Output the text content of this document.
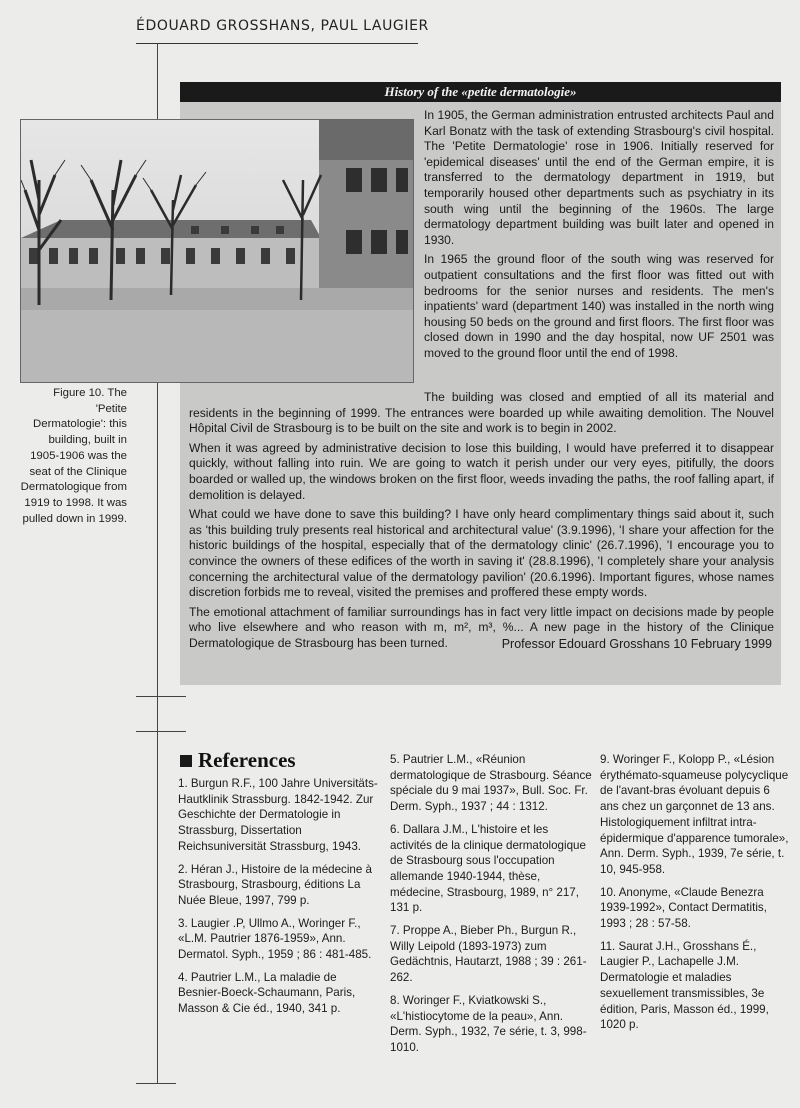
ÉDOUARD GROSSHANS, PAUL LAUGIER
History of the «petite dermatologie»
Figure 10. The 'Petite Dermatologie': this building, built in 1905-1906 was the seat of the Clinique Dermatologique from 1919 to 1998. It was pulled down in 1999.

In 1905, the German administration entrusted architects Paul and Karl Bonatz with the task of extending Strasbourg's civil hospital. The 'Petite Dermatologie' rose in 1906. Initially reserved for 'epidemical diseases' until the end of the German empire, it is transferred to the dermatology department in 1919, but temporarily housed other departments such as psychiatry in its south wing until the beginning of the 1960s. The large dermatology department building was built later and opened in 1930.

In 1965 the ground floor of the south wing was reserved for outpatient consultations and the first floor was fitted out with bedrooms for the senior nurses and residents. The men's inpatients' ward (department 140) was installed in the north wing housing 50 beds on the ground and first floors. The first floor was closed down in 1990 and the day hospital, now UF 2501 was moved to the ground floor until the end of 1998.

The building was closed and emptied of all its material and residents in the beginning of 1999. The entrances were boarded up while awaiting demolition. The Nouvel Hôpital Civil de Strasbourg is to be built on the site and work is to begin in 2002.

When it was agreed by administrative decision to lose this building, I would have preferred it to disappear quickly, without falling into ruin. We are going to watch it perish under our very eyes, pitifully, the doors boarded or walled up, the windows broken on the first floor, weeds invading the paths, the roof falling apart, if demolition is delayed.

What could we have done to save this building? I have only heard complimentary things said about it, such as 'this building truly presents real historical and architectural value' (3.9.1996), 'I share your affection for the historic buildings of the hospital, especially that of the dermatology clinic' (26.7.1996), 'I encourage you to convince the owners of these edifices of the worth in saving it' (28.8.1996), 'I completely share your analysis concerning the architectural value of the dermatology pavilion' (20.6.1996). Important figures, whose names discretion forbids me to reveal, visited the premises and proffered these empty words.

The emotional attachment of familiar surroundings has in fact very little impact on decisions made by people who live elsewhere and who reason with m, m², m³, %... A new page in the history of the Clinique Dermatologique de Strasbourg has been turned.	Professor Edouard Grosshans 10 February 1999
References

1. Burgun R.F., 100 Jahre Universitäts-Hautklinik Strassburg. 1842-1942. Zur Geschichte der Dermatologie in Strassburg, Dissertation Reichsuniversität Strassburg, 1943.

2. Héran J., Histoire de la médecine à Strasbourg, Strasbourg, éditions La Nuée Bleue, 1997, 799 p.

3. Laugier .P, Ullmo A., Woringer F., «L.M. Pautrier 1876-1959», Ann. Dermatol. Syph., 1959 ; 86 : 481-485.

4. Pautrier L.M., La maladie de Besnier-Boeck-Schaumann, Paris, Masson & Cie éd., 1940, 341 p.

5. Pautrier L.M., «Réunion dermatologique de Strasbourg. Séance spéciale du 9 mai 1937», Bull. Soc. Fr. Derm. Syph., 1937 ; 44 : 1312.

6. Dallara J.M., L'histoire et les activités de la clinique dermatologique de Strasbourg sous l'occupation allemande 1940-1944, thèse, médecine, Strasbourg, 1989, n° 217, 131 p.

7. Proppe A., Bieber Ph., Burgun R., Willy Leipold (1893-1973) zum Gedächtnis, Hautarzt, 1988 ; 39 : 261-262.

8. Woringer F., Kviatkowski S., «L'histiocytome de la peau», Ann. Derm. Syph., 1932, 7e série, t. 3, 998-1010.

9. Woringer F., Kolopp P., «Lésion érythémato-squameuse polycyclique de l'avant-bras évoluant depuis 6 ans chez un garçonnet de 13 ans. Histologiquement infiltrat intra-épidermique d'apparence tumorale», Ann. Derm. Syph., 1939, 7e série, t. 10, 945-958.

10. Anonyme, «Claude Benezra 1939-1992», Contact Dermatitis, 1993 ; 28 : 57-58.

11. Saurat J.H., Grosshans É., Laugier P., Lachapelle J.M. Dermatologie et maladies sexuellement transmissibles, 3e édition, Paris, Masson éd., 1999, 1020 p.
